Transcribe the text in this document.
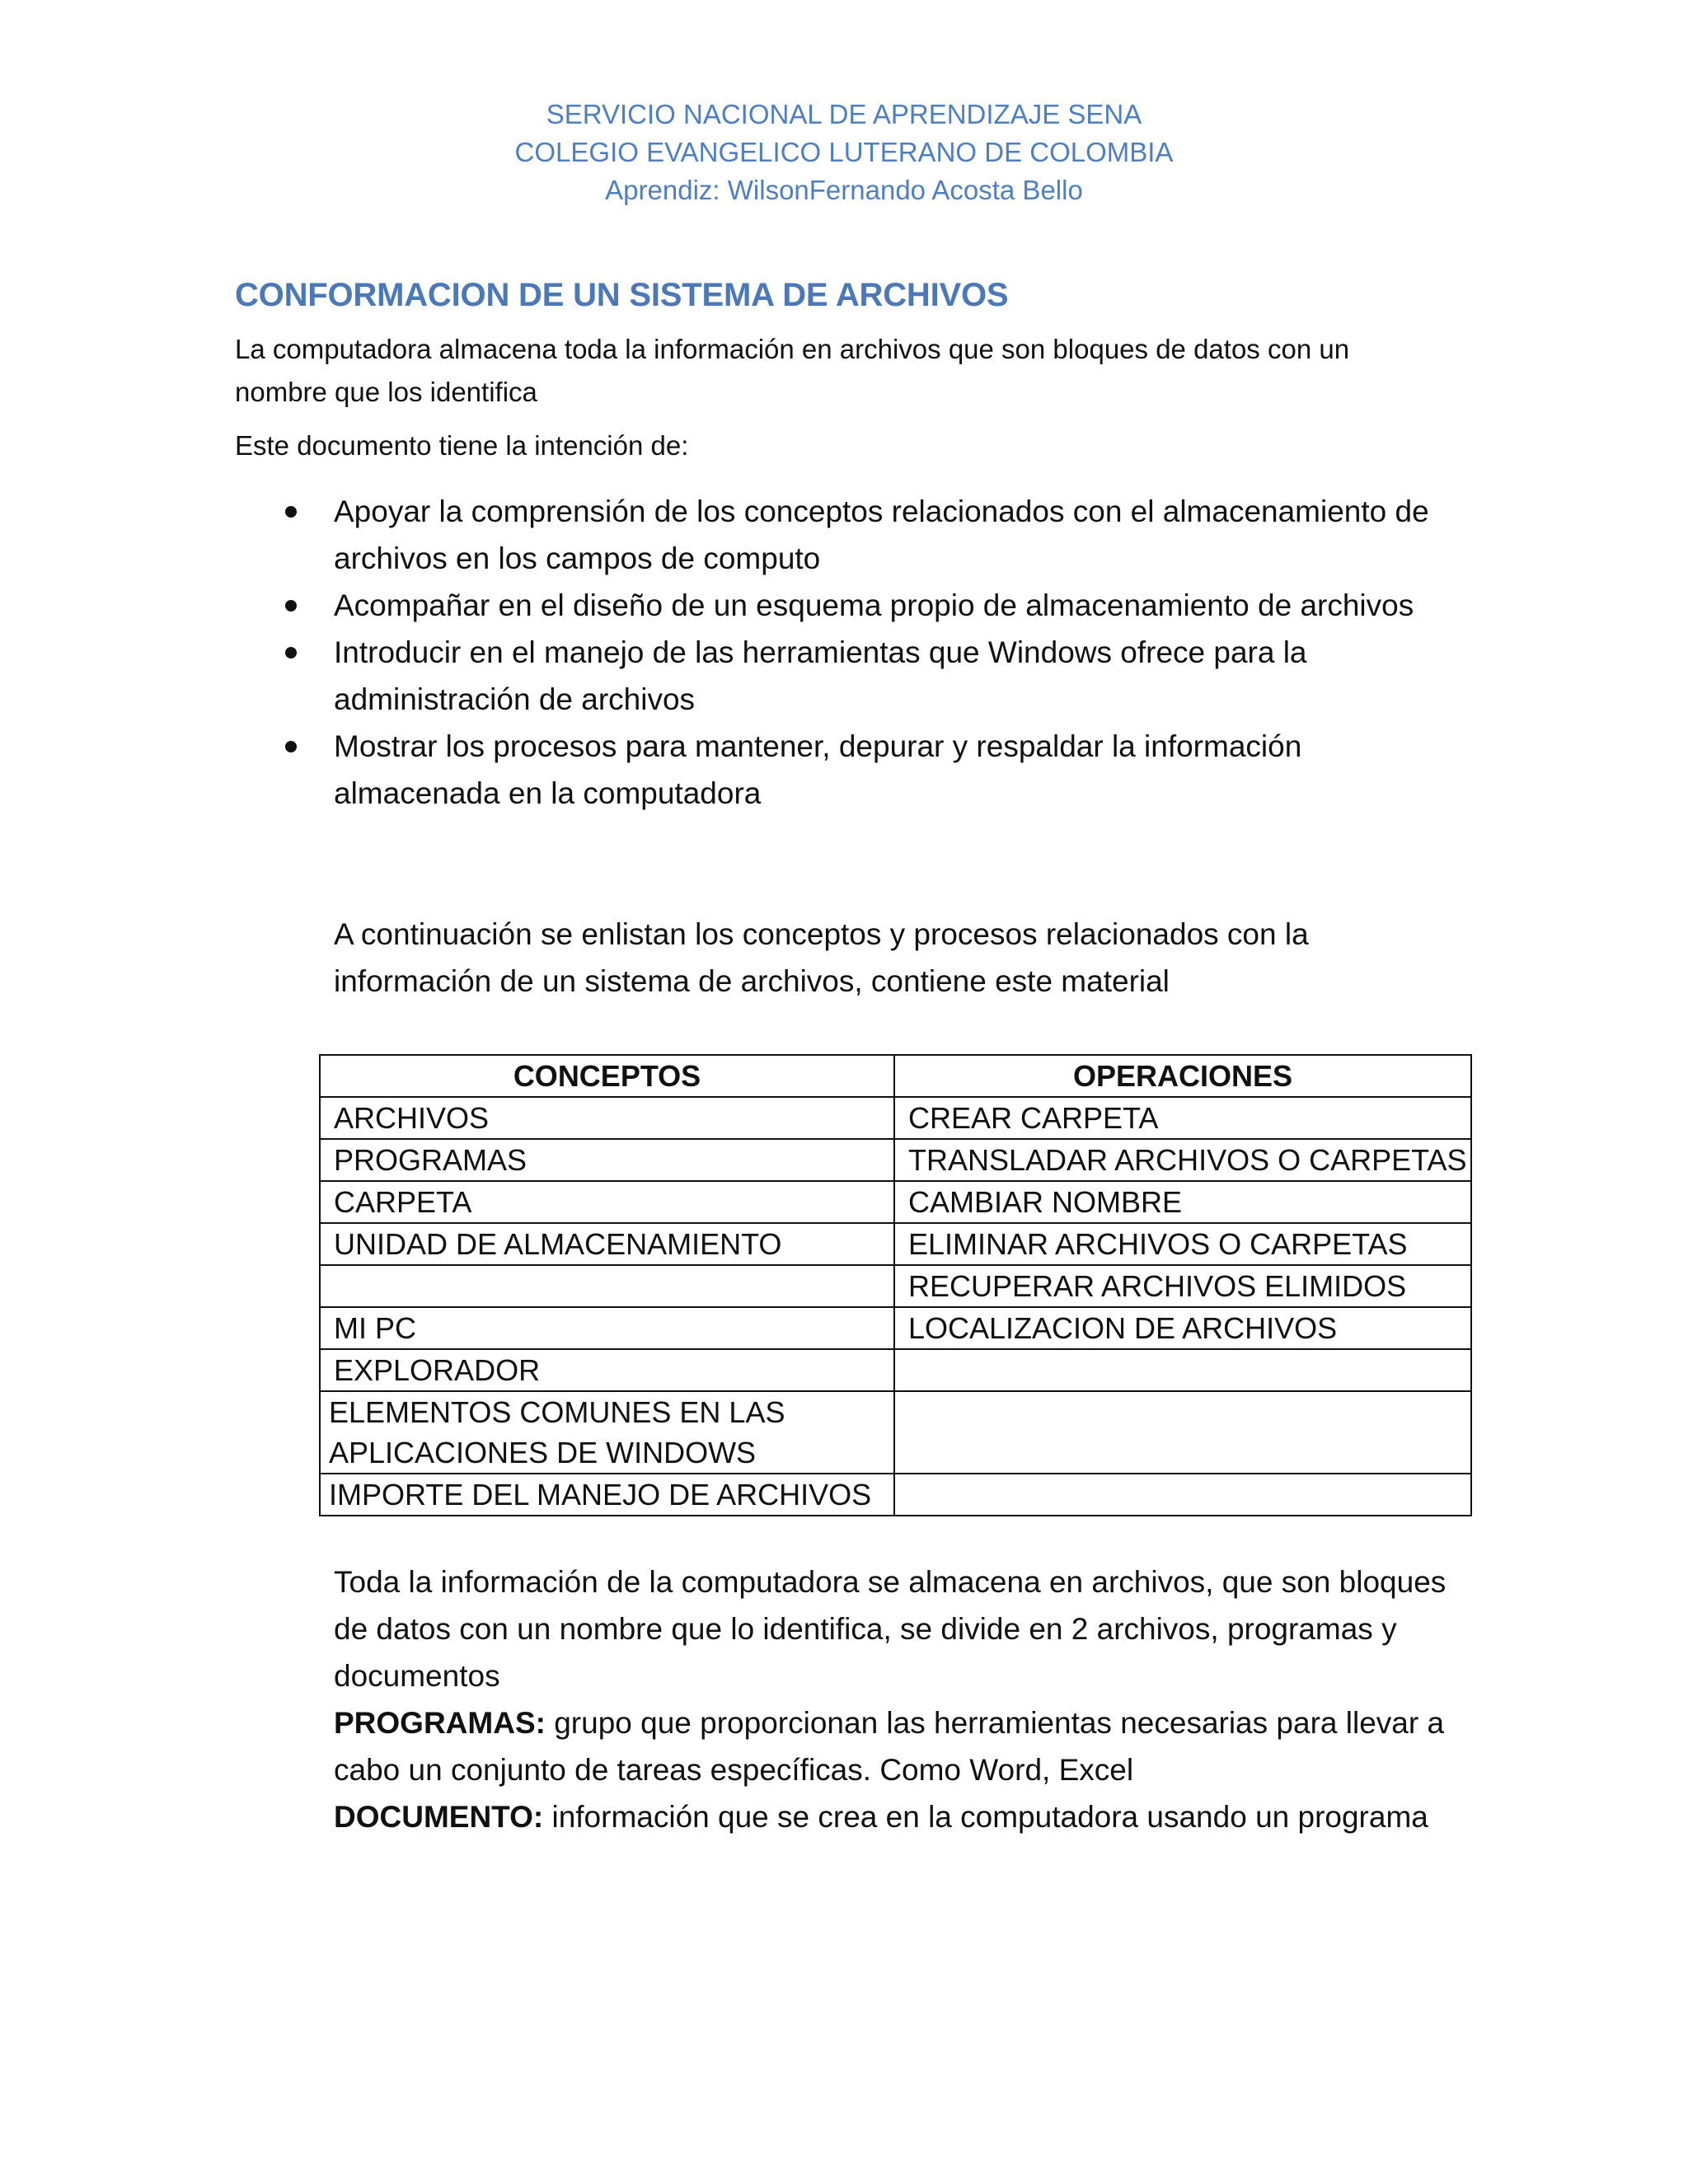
SERVICIO NACIONAL DE APRENDIZAJE SENA
COLEGIO EVANGELICO LUTERANO DE COLOMBIA
Aprendiz: WilsonFernando Acosta Bello
CONFORMACION DE UN SISTEMA DE ARCHIVOS
La computadora almacena toda la información en archivos que son bloques de datos con un nombre que los identifica
Este documento tiene la intención de:
Apoyar la comprensión de los conceptos relacionados con el almacenamiento de archivos en los campos de computo
Acompañar en el diseño de un esquema propio de almacenamiento de archivos
Introducir en el manejo de las herramientas que Windows ofrece para la administración de archivos
Mostrar los procesos para mantener, depurar y respaldar la información almacenada en la computadora
A continuación se enlistan los conceptos y procesos relacionados con la información de un sistema de archivos, contiene este material
CONCEPTOS	OPERACIONES
ARCHIVOS	CREAR CARPETA
PROGRAMAS	TRANSLADAR ARCHIVOS O CARPETAS
CARPETA	CAMBIAR NOMBRE
UNIDAD DE ALMACENAMIENTO	ELIMINAR ARCHIVOS O CARPETAS
	RECUPERAR ARCHIVOS ELIMIDOS
MI PC	LOCALIZACION DE ARCHIVOS
EXPLORADOR	
ELEMENTOS COMUNES EN LAS APLICACIONES DE WINDOWS	
IMPORTE DEL MANEJO DE ARCHIVOS	

Toda la información de la computadora se almacena en archivos, que son bloques de datos con un nombre que lo identifica, se divide en 2 archivos, programas y documentos

PROGRAMAS: grupo que proporcionan las herramientas necesarias para llevar a cabo un conjunto de tareas específicas. Como Word, Excel

DOCUMENTO: información que se crea en la computadora usando un programa
